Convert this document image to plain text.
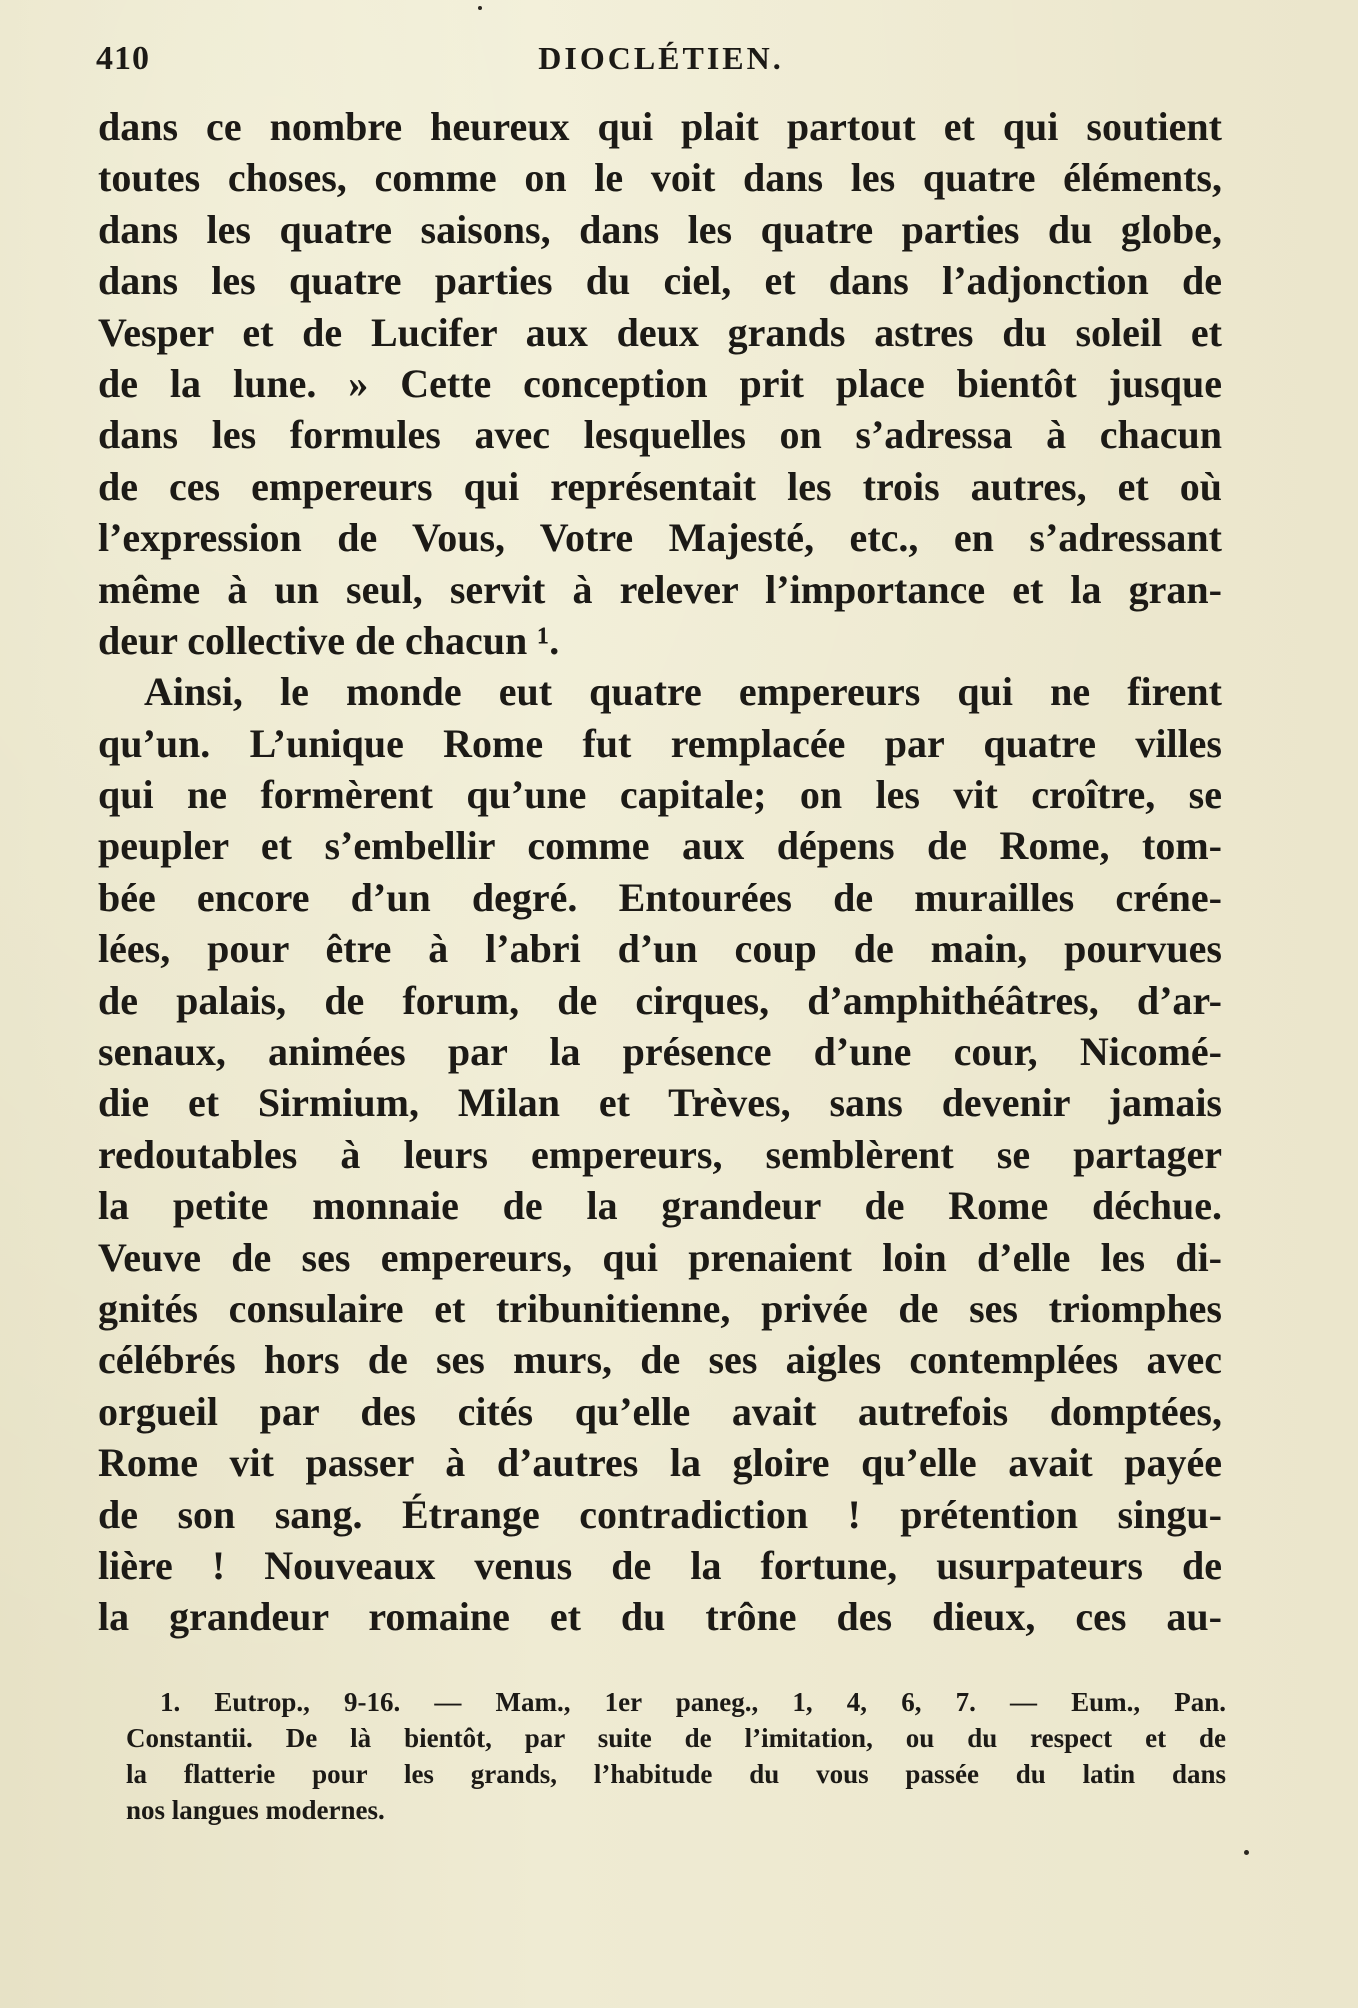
410	DIOCLÉTIEN.
dans ce nombre heureux qui plait partout et qui soutient
toutes choses, comme on le voit dans les quatre éléments,
dans les quatre saisons, dans les quatre parties du globe,
dans les quatre parties du ciel, et dans l’adjonction de
Vesper et de Lucifer aux deux grands astres du soleil et
de la lune. » Cette conception prit place bientôt jusque
dans les formules avec lesquelles on s’adressa à chacun
de ces empereurs qui représentait les trois autres, et où
l’expression de Vous, Votre Majesté, etc., en s’adressant
même à un seul, servit à relever l’importance et la gran-
deur collective de chacun ¹.
Ainsi, le monde eut quatre empereurs qui ne firent
qu’un. L’unique Rome fut remplacée par quatre villes
qui ne formèrent qu’une capitale; on les vit croître, se
peupler et s’embellir comme aux dépens de Rome, tom-
bée encore d’un degré. Entourées de murailles créne-
lées, pour être à l’abri d’un coup de main, pourvues
de palais, de forum, de cirques, d’amphithéâtres, d’ar-
senaux, animées par la présence d’une cour, Nicomé-
die et Sirmium, Milan et Trèves, sans devenir jamais
redoutables à leurs empereurs, semblèrent se partager
la petite monnaie de la grandeur de Rome déchue.
Veuve de ses empereurs, qui prenaient loin d’elle les di-
gnités consulaire et tribunitienne, privée de ses triomphes
célébrés hors de ses murs, de ses aigles contemplées avec
orgueil par des cités qu’elle avait autrefois domptées,
Rome vit passer à d’autres la gloire qu’elle avait payée
de son sang. Étrange contradiction ! prétention singu-
lière ! Nouveaux venus de la fortune, usurpateurs de
la grandeur romaine et du trône des dieux, ces au-
1. Eutrop., 9-16. — Mam., 1er paneg., 1, 4, 6, 7. — Eum., Pan.
Constantii. De là bientôt, par suite de l’imitation, ou du respect et de
la flatterie pour les grands, l’habitude du vous passée du latin dans
nos langues modernes.
